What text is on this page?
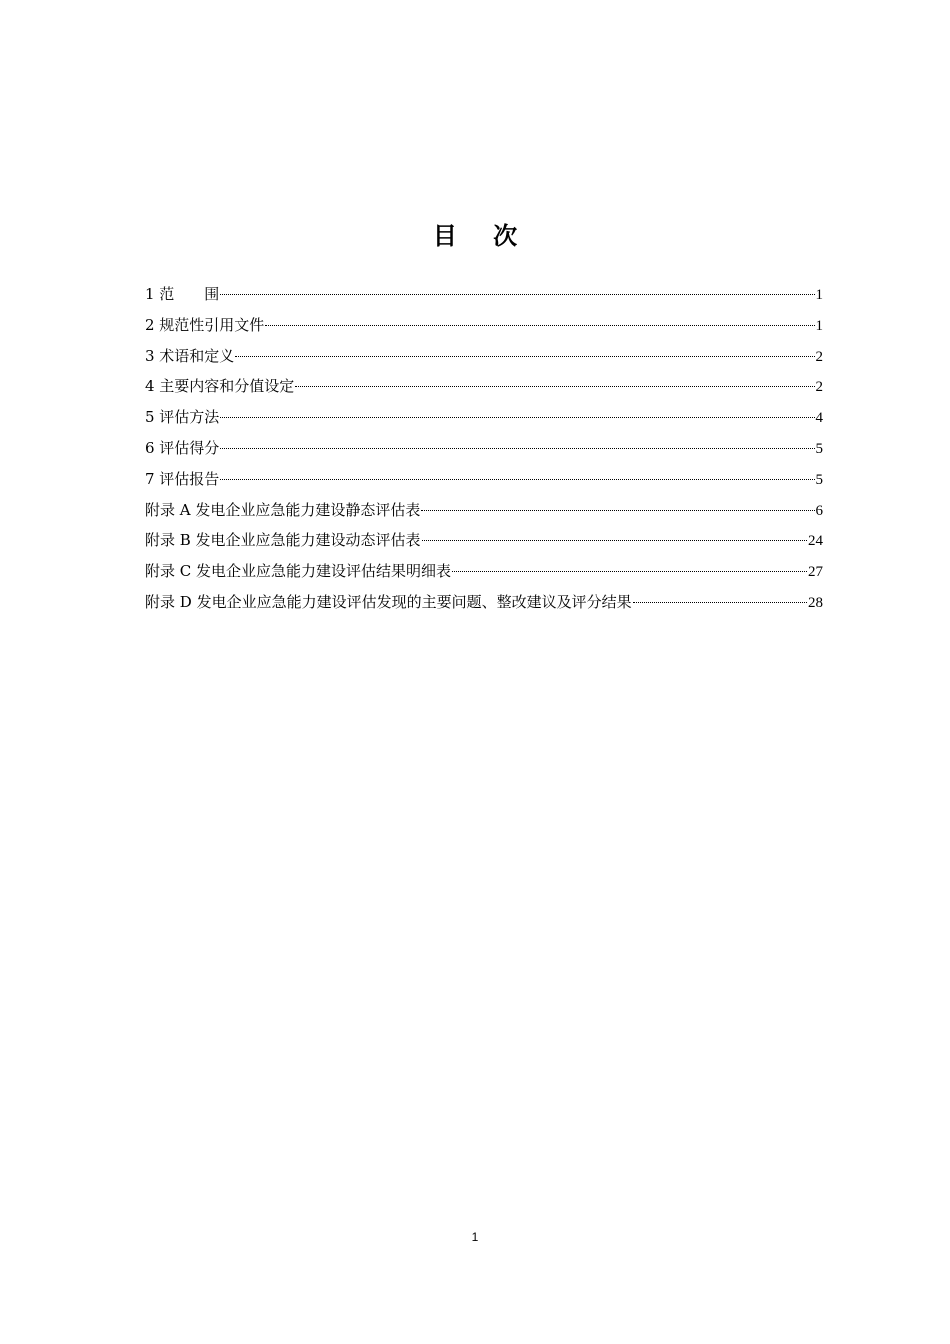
目 次
1 范　　围	1
2 规范性引用文件	1
3 术语和定义	2
4 主要内容和分值设定	2
5 评估方法	4
6 评估得分	5
7 评估报告	5
附录 A 发电企业应急能力建设静态评估表	6
附录 B 发电企业应急能力建设动态评估表	24
附录 C 发电企业应急能力建设评估结果明细表	27
附录 D 发电企业应急能力建设评估发现的主要问题、整改建议及评分结果	28
1
